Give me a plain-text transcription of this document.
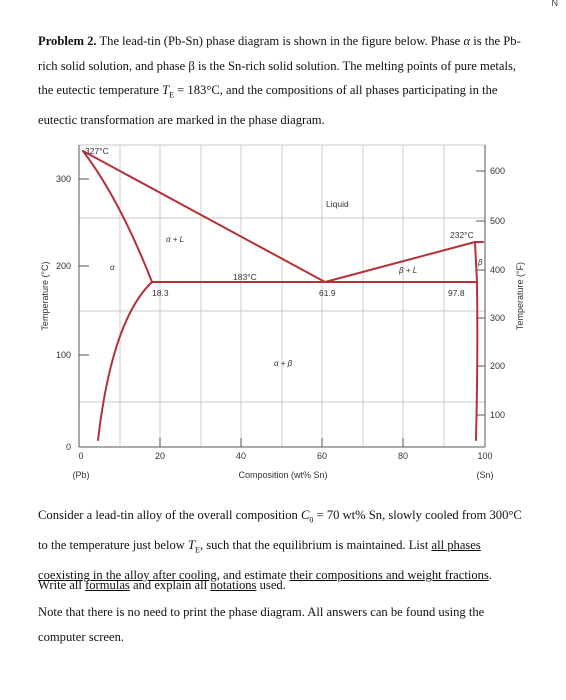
N

Problem 2. The lead-tin (Pb-Sn) phase diagram is shown in the figure below. Phase α is the Pb-rich solid solution, and phase β is the Sn-rich solid solution. The melting points of pure metals, the eutectic temperature $T_E = 183^\circ C$, and the compositions of all phases participating in the eutectic transformation are marked in the phase diagram.

300
200
100
0
600
500
400
300
200
100
0	20	40	60	80	100
(Pb)	(Sn)
Composition (wt% Sn)
Temperature (°C)	Temperature (°F)
327°C
232°C
183°C
18.3	61.9	97.8
Liquid
α + L
β + L
α
β
α + β

Consider a lead-tin alloy of the overall composition $C_0 = 70$ wt% Sn, slowly cooled from 300°C to the temperature just below $T_E$, such that the equilibrium is maintained. List all phases coexisting in the alloy after cooling, and estimate their compositions and weight fractions.

Write all formulas and explain all notations used.

Note that there is no need to print the phase diagram. All answers can be found using the computer screen.
